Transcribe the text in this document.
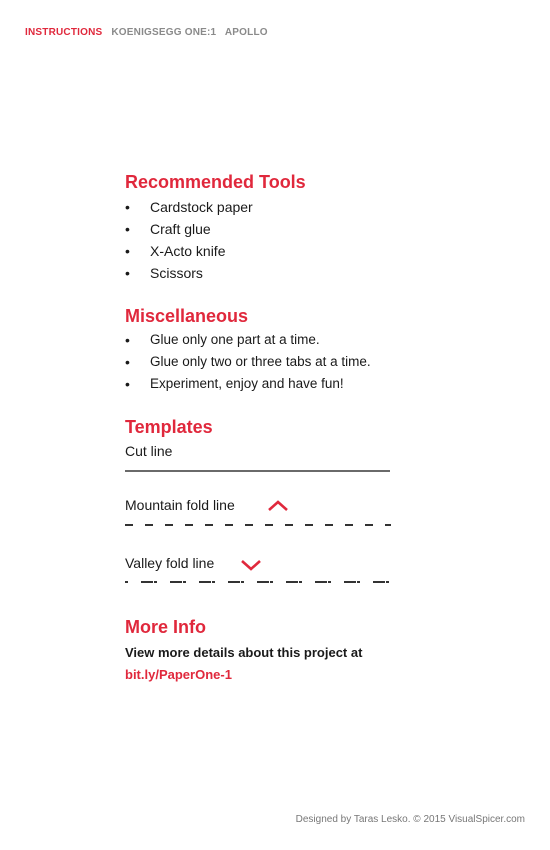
INSTRUCTIONS KOENIGSEGG ONE:1 APOLLO
Recommended Tools
• Cardstock paper
• Craft glue
• X-Acto knife
• Scissors
Miscellaneous
• Glue only one part at a time.
• Glue only two or three tabs at a time.
• Experiment, enjoy and have fun!
Templates
Cut line
Mountain fold line
Valley fold line
More Info
View more details about this project at
bit.ly/PaperOne-1
Designed by Taras Lesko. © 2015 VisualSpicer.com
